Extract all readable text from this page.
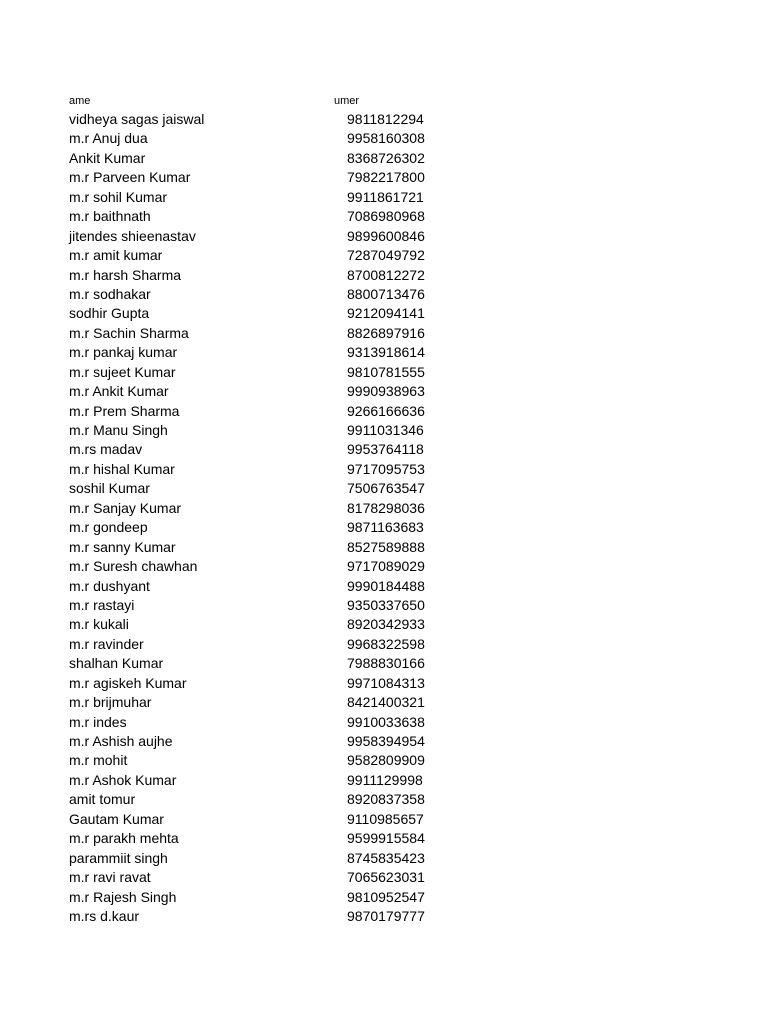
ame	umer
vidheya sagas jaiswal	9811812294
m.r Anuj dua	9958160308
Ankit Kumar	8368726302
m.r Parveen Kumar	7982217800
m.r sohil Kumar	9911861721
m.r baithnath	7086980968
jitendes shieenastav	9899600846
m.r amit kumar	7287049792
m.r harsh Sharma	8700812272
m.r sodhakar	8800713476
sodhir Gupta	9212094141
m.r Sachin Sharma	8826897916
m.r pankaj kumar	9313918614
m.r sujeet Kumar	9810781555
m.r Ankit Kumar	9990938963
m.r Prem Sharma	9266166636
m.r Manu Singh	9911031346
m.rs madav	9953764118
m.r hishal Kumar	9717095753
soshil Kumar	7506763547
m.r Sanjay Kumar	8178298036
m.r gondeep	9871163683
m.r sanny Kumar	8527589888
m.r Suresh chawhan	9717089029
m.r dushyant	9990184488
m.r rastayi	9350337650
m.r kukali	8920342933
m.r ravinder	9968322598
shalhan Kumar	7988830166
m.r agiskeh Kumar	9971084313
m.r brijmuhar	8421400321
m.r indes	9910033638
m.r Ashish aujhe	9958394954
m.r mohit	9582809909
m.r Ashok Kumar	9911129998
amit tomur	8920837358
Gautam Kumar	9110985657
m.r parakh mehta	9599915584
parammiit singh	8745835423
m.r ravi ravat	7065623031
m.r Rajesh Singh	9810952547
m.rs d.kaur	9870179777
